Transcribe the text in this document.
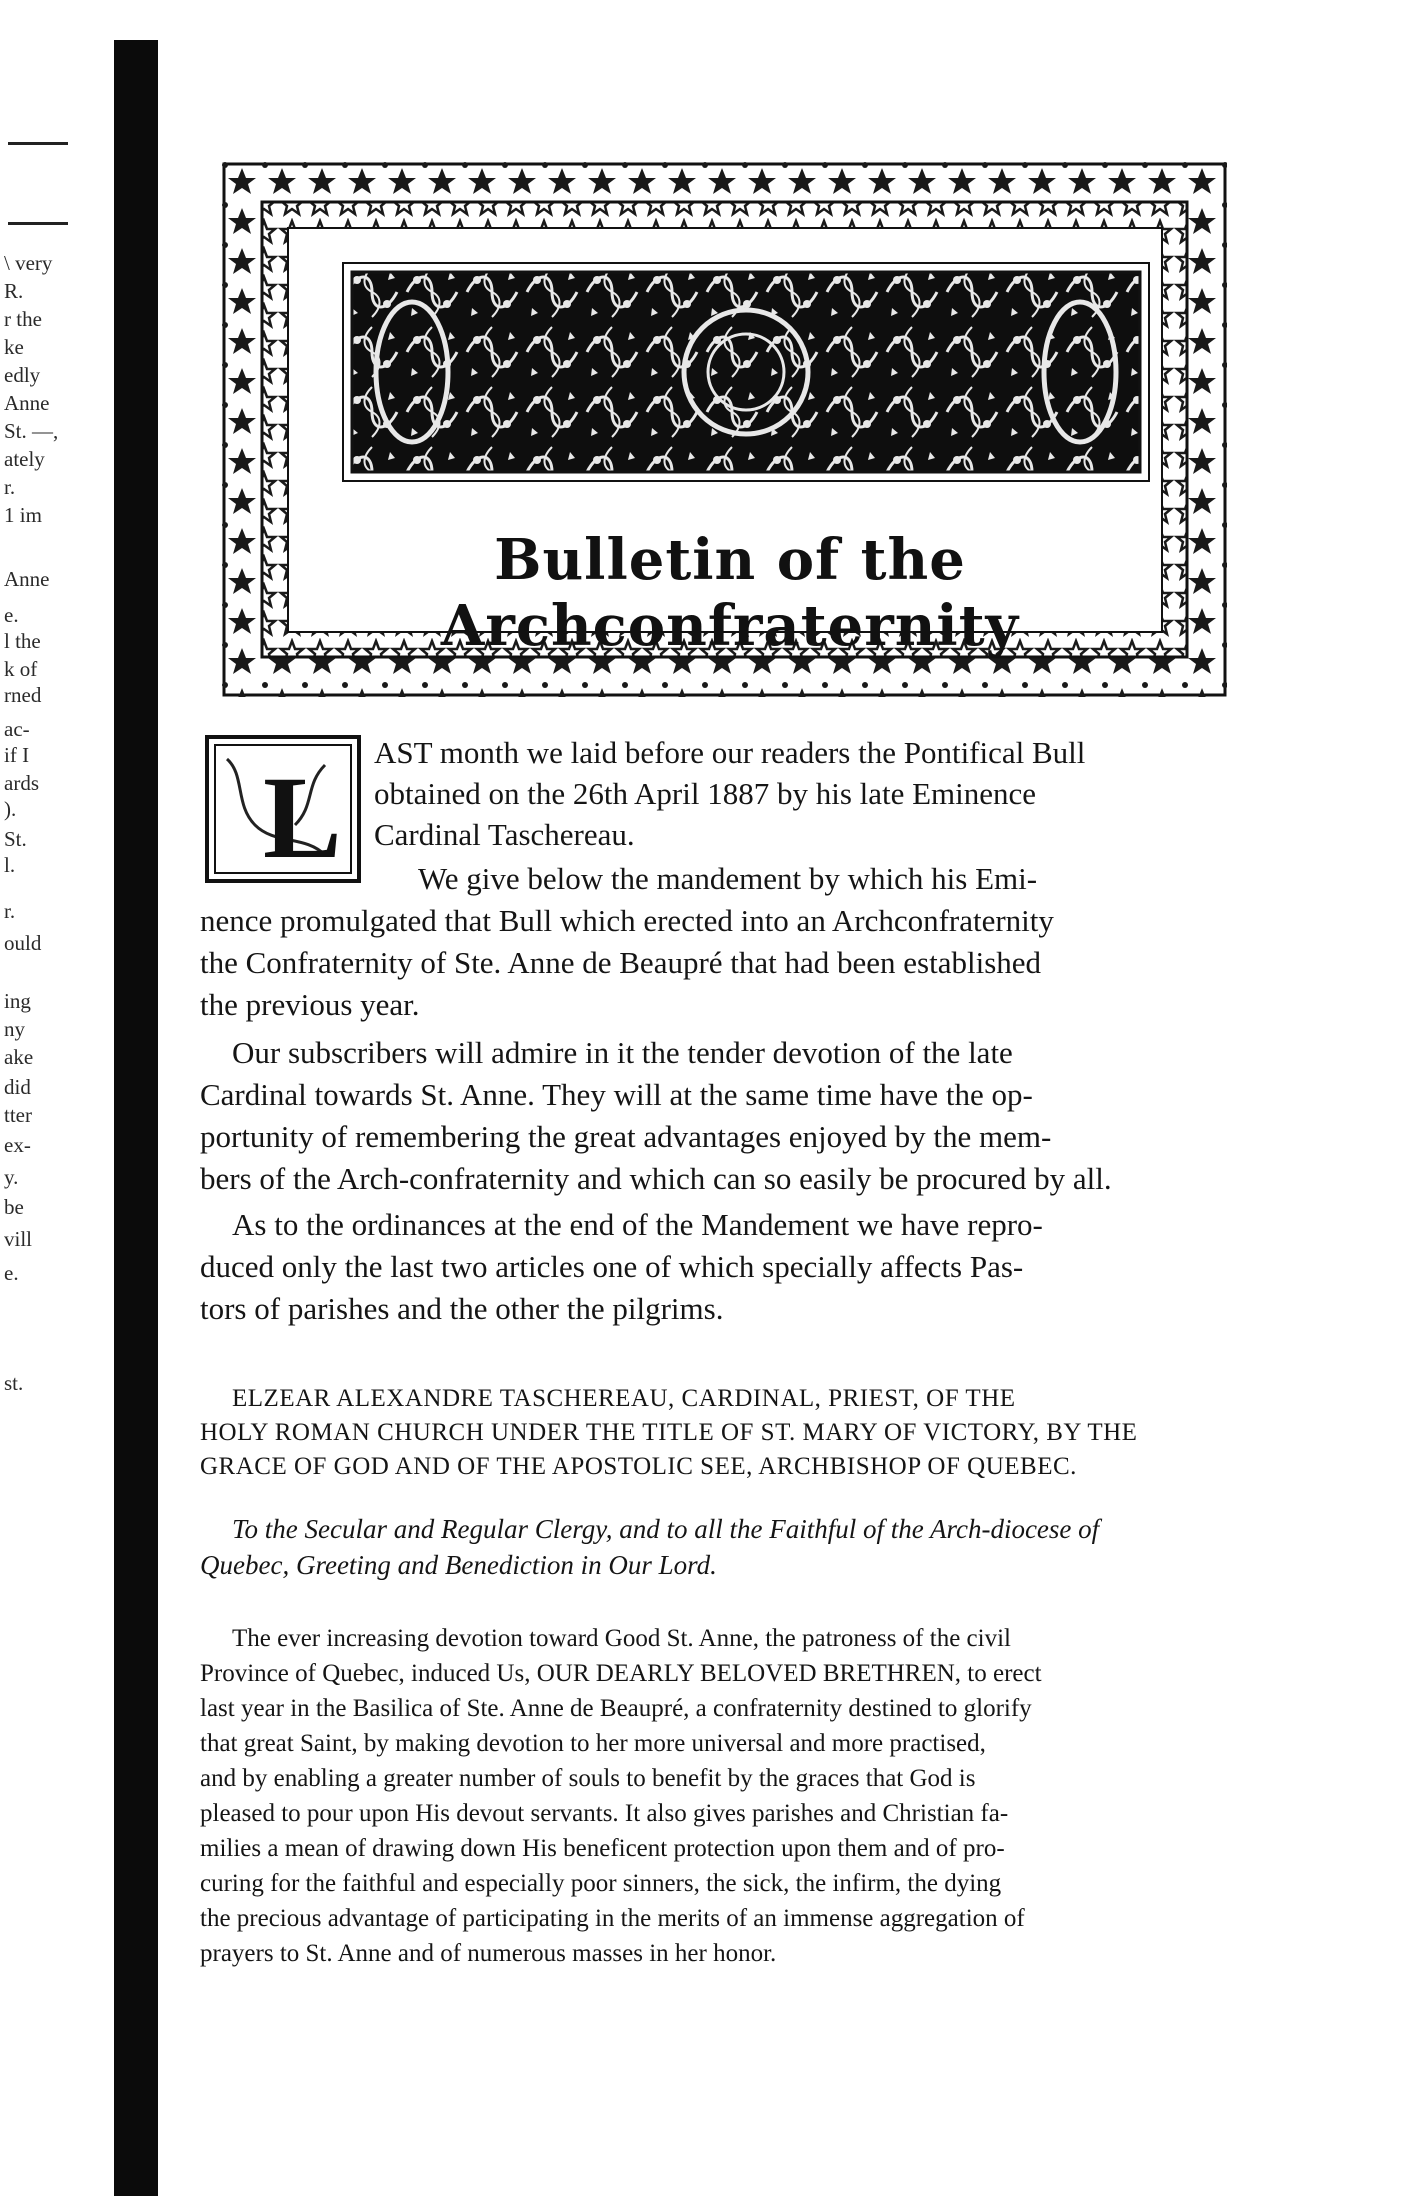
\ very
R.
r the
ke
edly
Anne
St. —,
ately
r.
1 im
Anne
e.
l the
k of
rned
ac-
if I
ards
).
St.
l.
r.
ould
ing
ny
ake
did
tter
ex-
y.
be
vill
e.
st.
Bulletin of the Archconfraternity
L AST month we laid before our readers the Pontifical Bull
obtained on the 26th April 1887 by his late Eminence
Cardinal Taschereau.
We give below the mandement by which his Emi-
nence promulgated that Bull which erected into an Archconfraternity
the Confraternity of Ste. Anne de Beaupré that had been established
the previous year.
Our subscribers will admire in it the tender devotion of the late
Cardinal towards St. Anne. They will at the same time have the op-
portunity of remembering the great advantages enjoyed by the mem-
bers of the Arch-confraternity and which can so easily be procured by all.
As to the ordinances at the end of the Mandement we have repro-
duced only the last two articles one of which specially affects Pas-
tors of parishes and the other the pilgrims.
ELZEAR ALEXANDRE TASCHEREAU, CARDINAL, PRIEST, OF THE
HOLY ROMAN CHURCH UNDER THE TITLE OF ST. MARY OF VICTORY, BY THE
GRACE OF GOD AND OF THE APOSTOLIC SEE, ARCHBISHOP OF QUEBEC.
To the Secular and Regular Clergy, and to all the Faithful of the Arch-diocese of
Quebec, Greeting and Benediction in Our Lord.
The ever increasing devotion toward Good St. Anne, the patroness of the civil
Province of Quebec, induced Us, OUR DEARLY BELOVED BRETHREN, to erect
last year in the Basilica of Ste. Anne de Beaupré, a confraternity destined to glorify
that great Saint, by making devotion to her more universal and more practised,
and by enabling a greater number of souls to benefit by the graces that God is
pleased to pour upon His devout servants. It also gives parishes and Christian fa-
milies a mean of drawing down His beneficent protection upon them and of pro-
curing for the faithful and especially poor sinners, the sick, the infirm, the dying
the precious advantage of participating in the merits of an immense aggregation of
prayers to St. Anne and of numerous masses in her honor.
